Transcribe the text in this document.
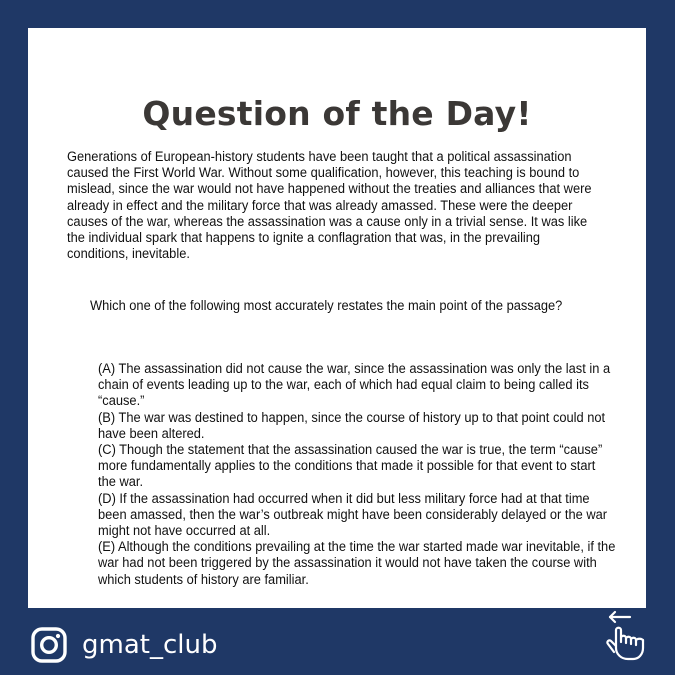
Question of the Day!

Generations of European-history students have been taught that a political assassination caused the First World War. Without some qualification, however, this teaching is bound to mislead, since the war would not have happened without the treaties and alliances that were already in effect and the military force that was already amassed. These were the deeper causes of the war, whereas the assassination was a cause only in a trivial sense. It was like the individual spark that happens to ignite a conflagration that was, in the prevailing conditions, inevitable.

Which one of the following most accurately restates the main point of the passage?

(A) The assassination did not cause the war, since the assassination was only the last in a chain of events leading up to the war, each of which had equal claim to being called its “cause.”
(B) The war was destined to happen, since the course of history up to that point could not have been altered.
(C) Though the statement that the assassination caused the war is true, the term “cause” more fundamentally applies to the conditions that made it possible for that event to start the war.
(D) If the assassination had occurred when it did but less military force had at that time been amassed, then the war’s outbreak might have been considerably delayed or the war might not have occurred at all.
(E) Although the conditions prevailing at the time the war started made war inevitable, if the war had not been triggered by the assassination it would not have taken the course with which students of history are familiar.
gmat_club
